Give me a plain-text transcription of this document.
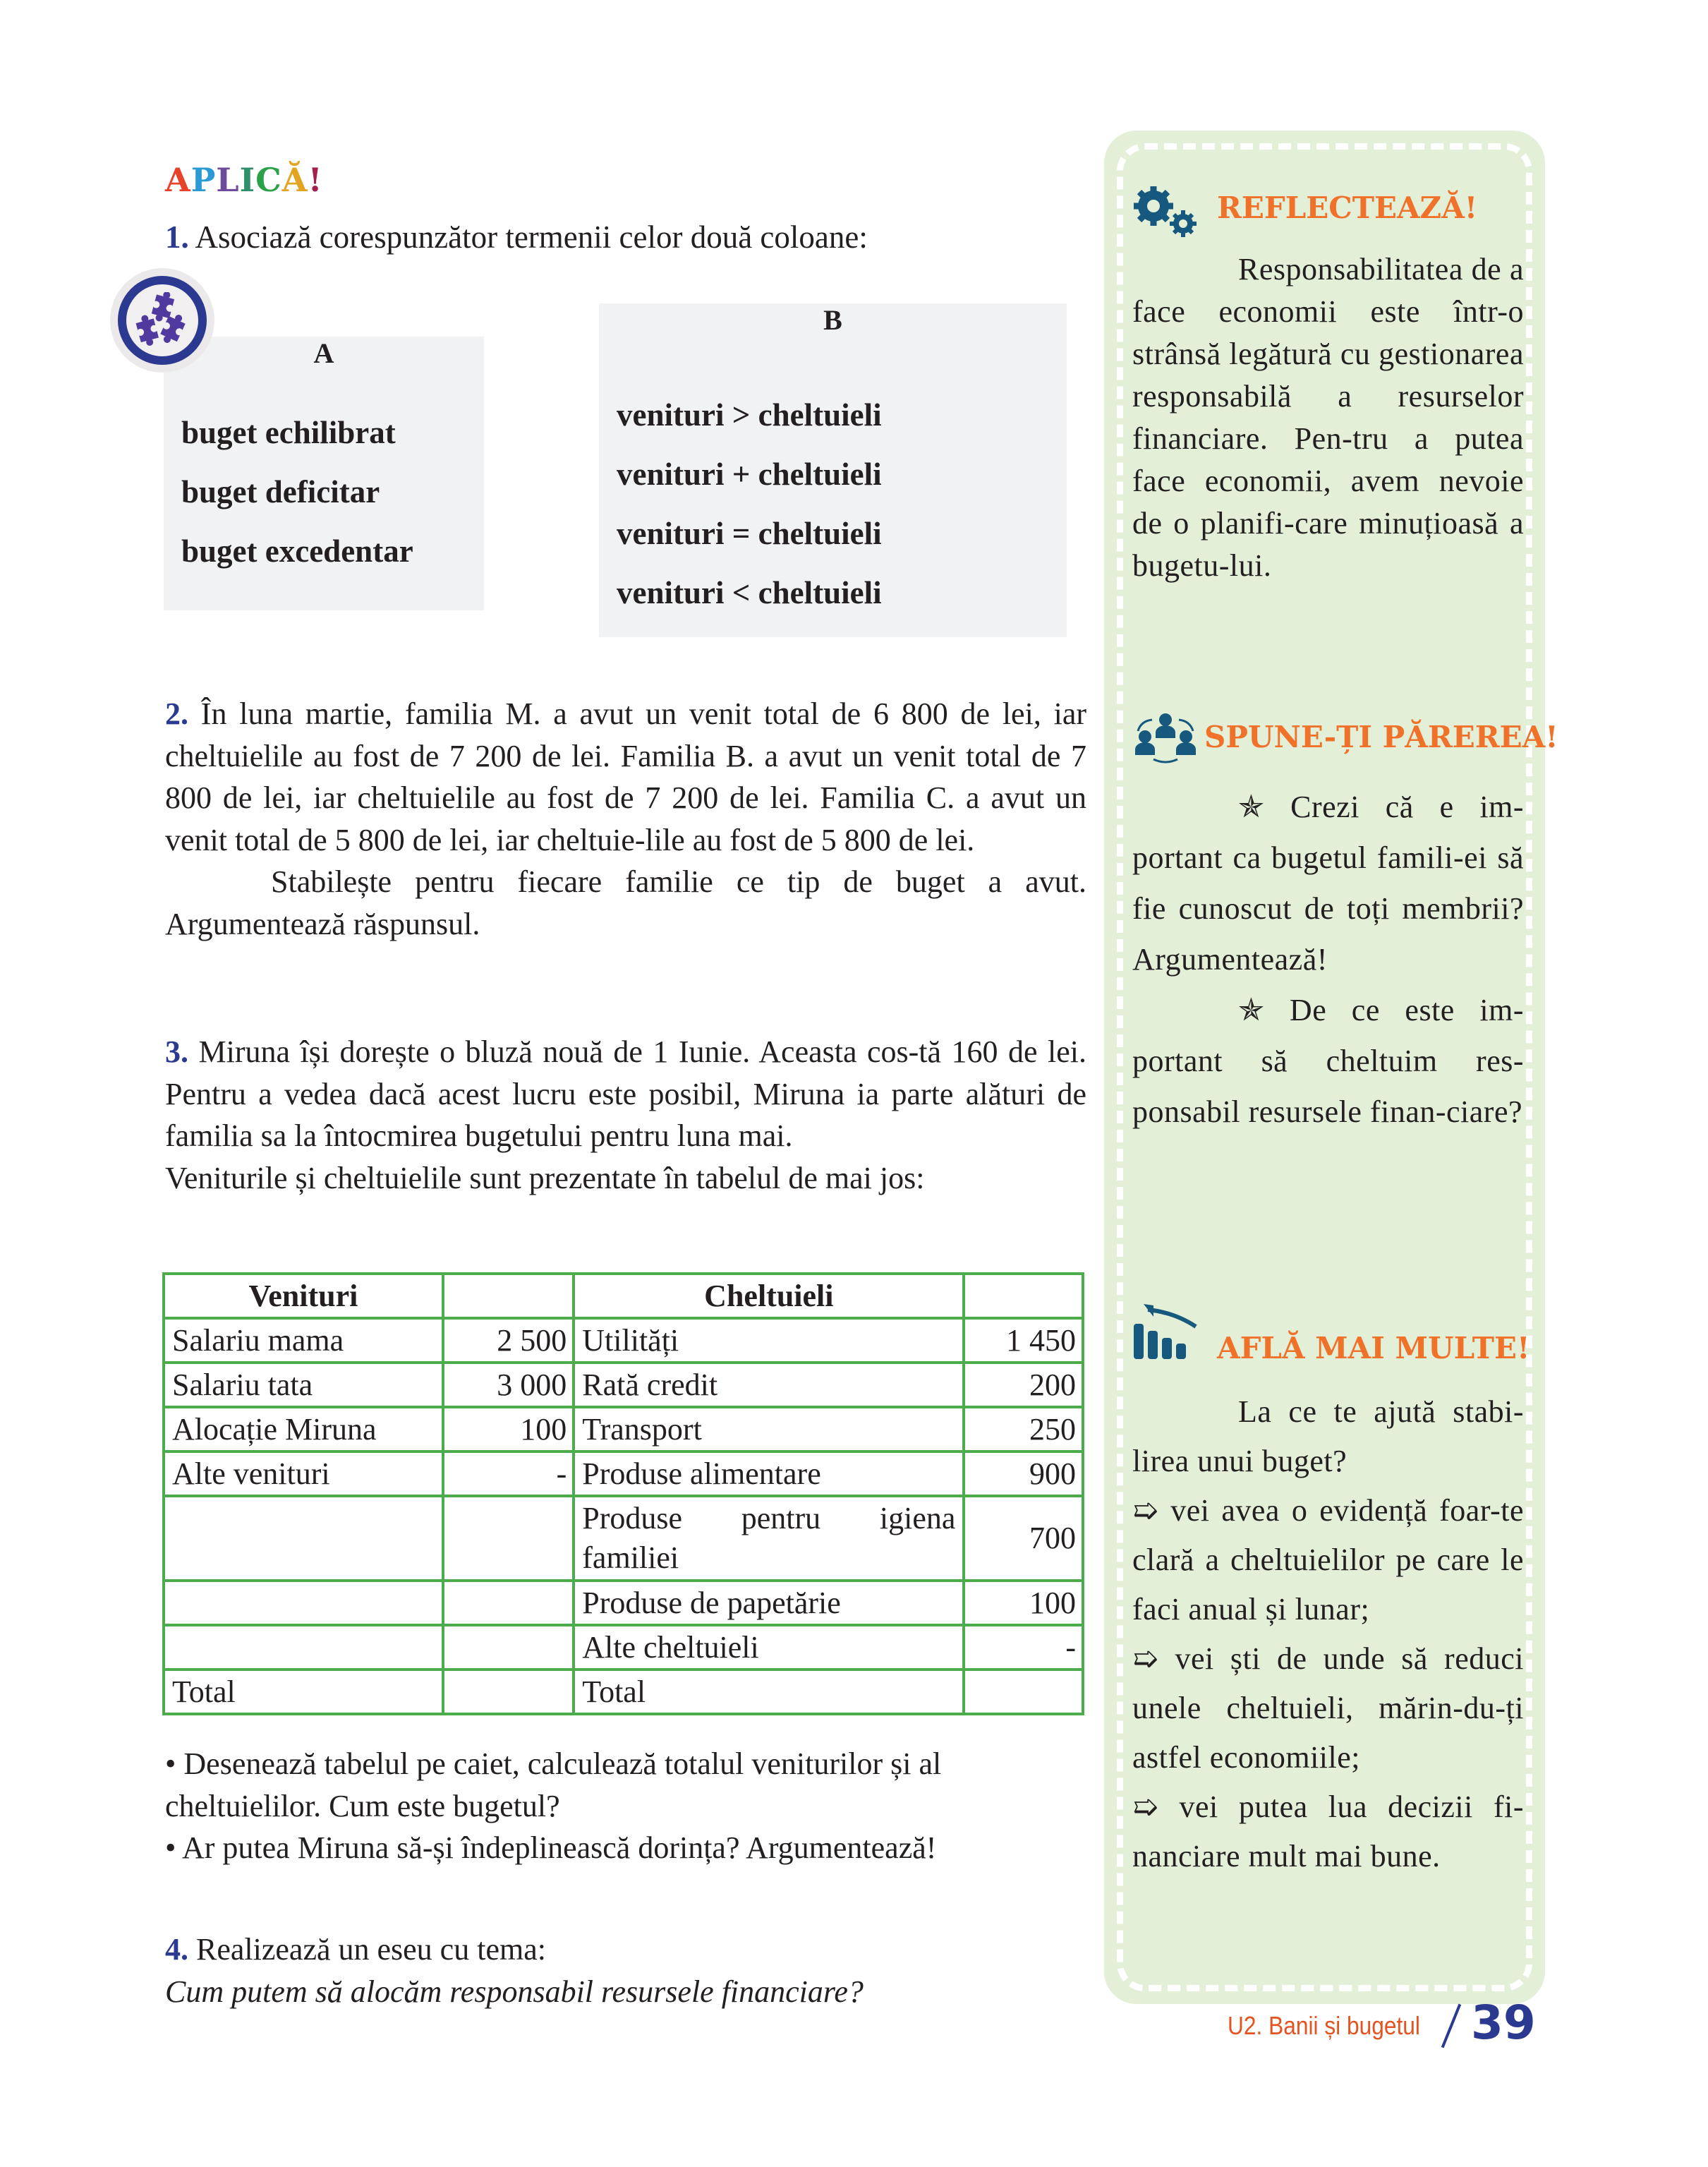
APLICĂ!
1. Asociază corespunzător termenii celor două coloane:
A
buget echilibrat
buget deficitar
buget excedentar
B
venituri > cheltuieli
venituri + cheltuieli
venituri = cheltuieli
venituri < cheltuieli

2. În luna martie, familia M. a avut un venit total de 6 800 de lei, iar cheltuielile au fost de 7 200 de lei. Familia B. a avut un venit total de 7 800 de lei, iar cheltuielile au fost de 7 200 de lei. Familia C. a avut un venit total de 5 800 de lei, iar cheltuie-lile au fost de 5 800 de lei.

Stabilește pentru fiecare familie ce tip de buget a avut. Argumentează răspunsul.

3. Miruna își dorește o bluză nouă de 1 Iunie. Aceasta cos-tă 160 de lei. Pentru a vedea dacă acest lucru este posibil, Miruna ia parte alături de familia sa la întocmirea bugetului pentru luna mai.

Veniturile și cheltuielile sunt prezentate în tabelul de mai jos:

Venituri		Cheltuieli	
Salariu mama	2 500	Utilități	1 450
Salariu tata	3 000	Rată credit	200
Alocație Miruna	100	Transport	250
Alte venituri	-	Produse alimentare	900
		Produse pentru igiena familiei	700
		Produse de papetărie	100
		Alte cheltuieli	-
Total		Total	

• Desenează tabelul pe caiet, calculează totalul veniturilor și al cheltuielilor. Cum este bugetul?

• Ar putea Miruna să-și îndeplinească dorința? Argumentează!

4. Realizează un eseu cu tema:

Cum putem să alocăm responsabil resursele financiare?

REFLECTEAZĂ!

Responsabilitatea de a face economii este într-o strânsă legătură cu gestionarea responsabilă a resurselor financiare. Pen-tru a putea face economii, avem nevoie de o planifi-care minuțioasă a bugetu-lui.

SPUNE-ȚI PĂREREA!

✯ Crezi că e im-portant ca bugetul famili-ei să fie cunoscut de toți membrii? Argumentează!

✯ De ce este im-portant să cheltuim res-ponsabil resursele finan-ciare?

AFLĂ MAI MULTE!

La ce te ajută stabi-lirea unui buget?

➯ vei avea o evidență foar-te clară a cheltuielilor pe care le faci anual și lunar;

➯ vei ști de unde să reduci unele cheltuieli, mărin-du-ți astfel economiile;

➯ vei putea lua decizii fi-nanciare mult mai bune.

U2. Banii și bugetul 39
